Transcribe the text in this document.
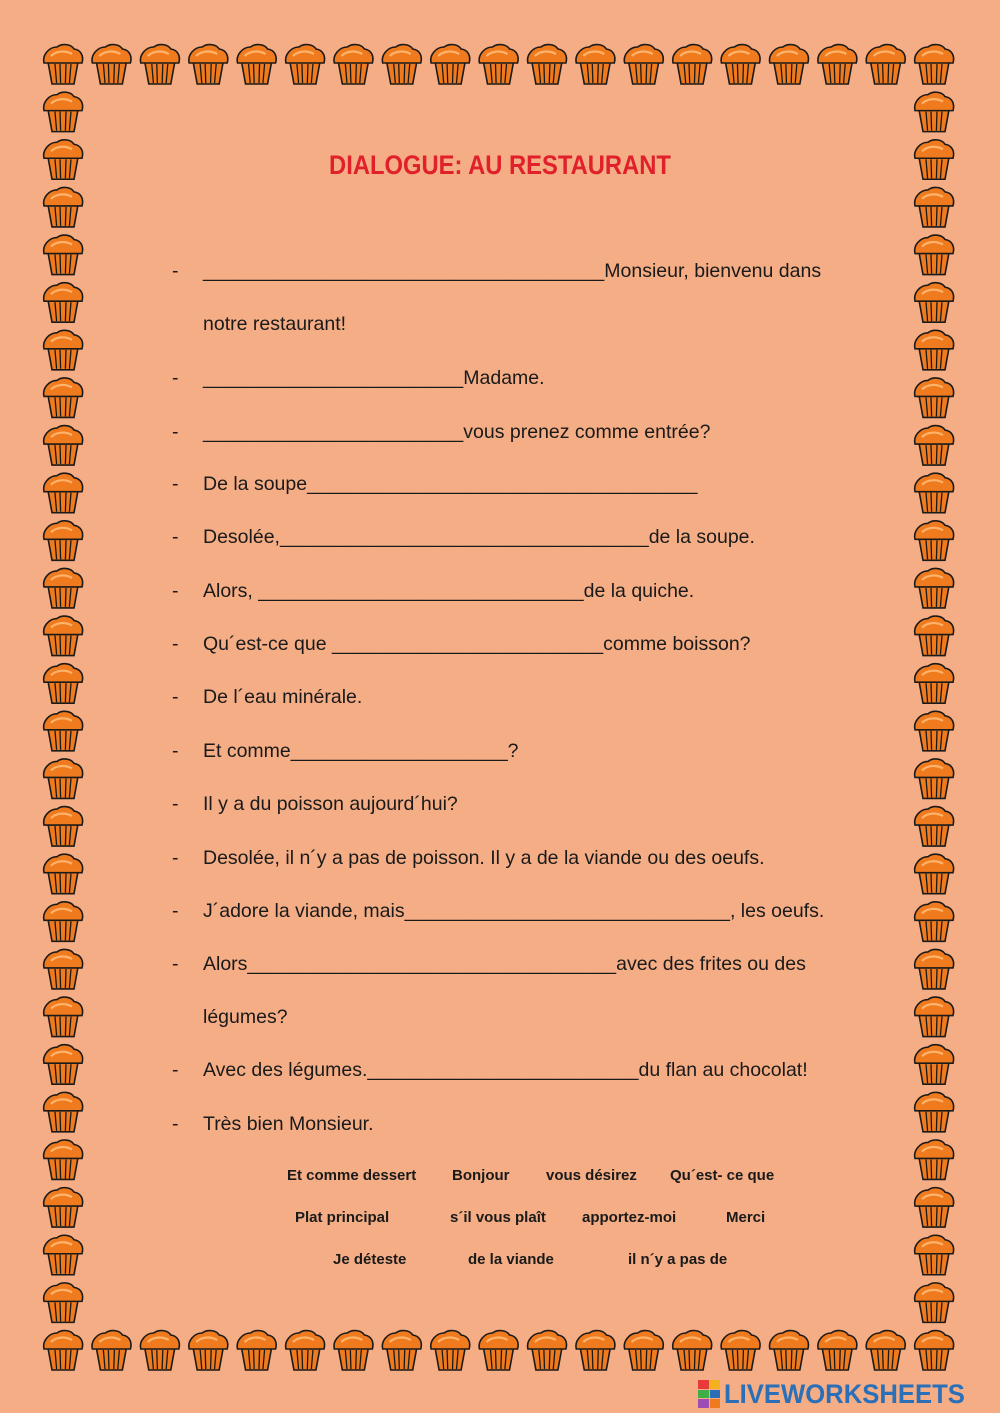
DIALOGUE: AU RESTAURANT
- _____________________________________Monsieur, bienvenu dans
notre restaurant!
- ________________________Madame.
- ________________________vous prenez comme entrée?
- De la soupe____________________________________
- Desolée,__________________________________de la soupe.
- Alors, ______________________________de la quiche.
- Qu´est-ce que _________________________comme boisson?
- De l´eau minérale.
- Et comme____________________?
- Il y a du poisson aujourd´hui?
- Desolée, il n´y a pas de poisson. Il y a de la viande ou des oeufs.
- J´adore la viande, mais______________________________, les oeufs.
- Alors__________________________________avec des frites ou des
légumes?
- Avec des légumes._________________________du flan au chocolat!
- Très bien Monsieur.
Et comme dessert Bonjour vous désirez Qu´est- ce que
Plat principal	s´il vous plaît apportez-moi	Merci
Je déteste	de la viande	il n´y a pas de
LIVEWORKSHEETS
